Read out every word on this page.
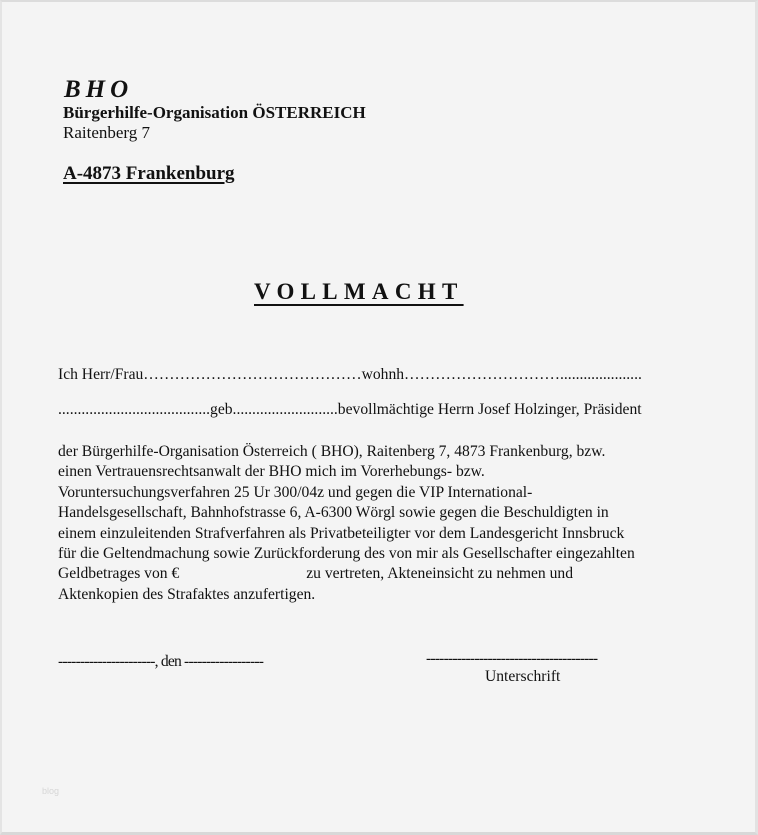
BHO
Bürgerhilfe-Organisation ÖSTERREICH
Raitenberg 7
A-4873 Frankenburg
VOLLMACHT
Ich Herr/Frau……………………………………wohnh………………………….....................
.......................................geb...........................bevollmächtige Herrn Josef Holzinger, Präsident
der Bürgerhilfe-Organisation Österreich ( BHO), Raitenberg 7, 4873 Frankenburg, bzw.
einen Vertrauensrechtsanwalt der BHO mich im Vorerhebungs- bzw.
Voruntersuchungsverfahren 25 Ur 300/04z und gegen die VIP International-
Handelsgesellschaft, Bahnhofstrasse 6, A-6300 Wörgl sowie gegen die Beschuldigten in
einem einzuleitenden Strafverfahren als Privatbeteiligter vor dem Landesgericht Innsbruck
für die Geltendmachung sowie Zurückforderung des von mir als Gesellschafter eingezahlten
Geldbetrages von €	zu vertreten, Akteneinsicht zu nehmen und
Aktenkopien des Strafaktes anzufertigen.
----------------------, den ------------------	---------------------------------------
Unterschrift
blog
